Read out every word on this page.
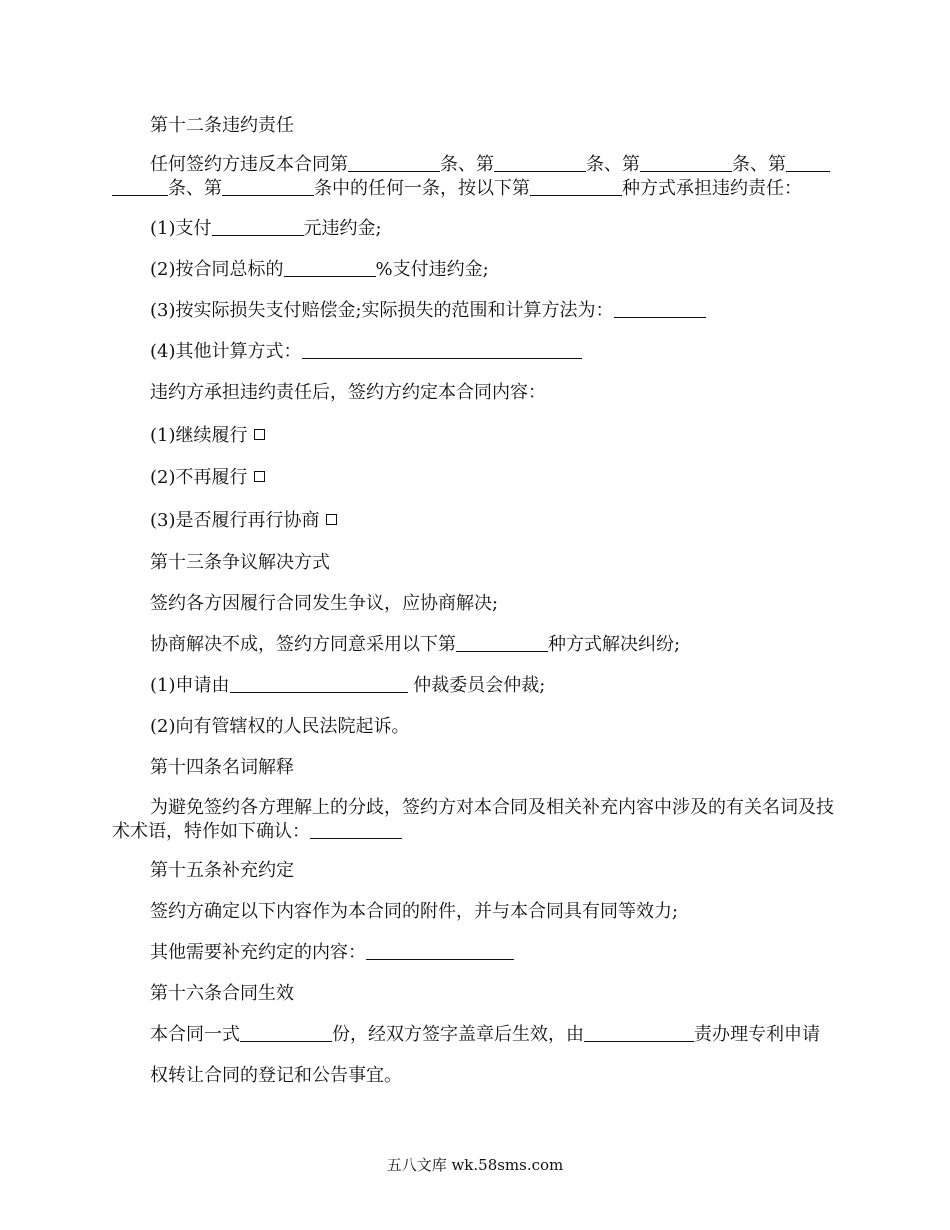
第十二条违约责任
任何签约方违反本合同第	条、第	条、第	条、第
条、第	条中的任何一条，按以下第	种方式承担违约责任：
(1)支付	元违约金;
(2)按合同总标的	%支付违约金;
(3)按实际损失支付赔偿金;实际损失的范围和计算方法为：
(4)其他计算方式：
违约方承担违约责任后，签约方约定本合同内容：
(1)继续履行
(2)不再履行
(3)是否履行再行协商
第十三条争议解决方式
签约各方因履行合同发生争议，应协商解决;
协商解决不成，签约方同意采用以下第	种方式解决纠纷;
(1)申请由	仲裁委员会仲裁;
(2)向有管辖权的人民法院起诉。
第十四条名词解释
为避免签约各方理解上的分歧，签约方对本合同及相关补充内容中涉及的有关名词及技术术语，特作如下确认：
第十五条补充约定
签约方确定以下内容作为本合同的附件，并与本合同具有同等效力;
其他需要补充约定的内容：
第十六条合同生效
本合同一式	份，经双方签字盖章后生效，由	责办理专利申请
权转让合同的登记和公告事宜。
五八文库 wk.58sms.com
